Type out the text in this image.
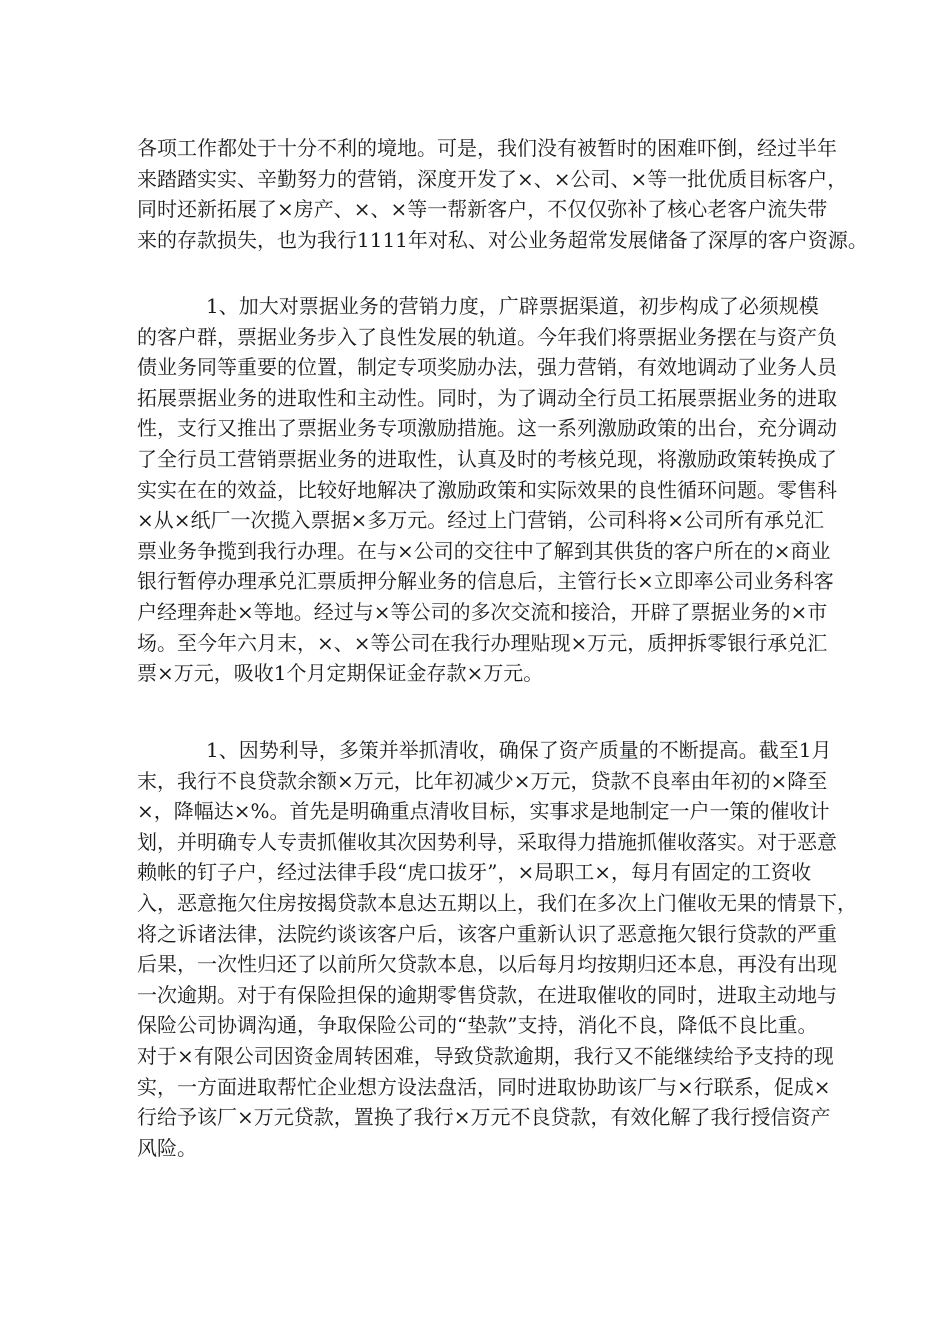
各项工作都处于十分不利的境地。可是，我们没有被暂时的困难吓倒，经过半年
来踏踏实实、辛勤努力的营销，深度开发了×、×公司、×等一批优质目标客户，
同时还新拓展了×房产、×、×等一帮新客户，不仅仅弥补了核心老客户流失带
来的存款损失，也为我行1111年对私、对公业务超常发展储备了深厚的客户资源。
1、加大对票据业务的营销力度，广辟票据渠道，初步构成了必须规模
的客户群，票据业务步入了良性发展的轨道。今年我们将票据业务摆在与资产负
债业务同等重要的位置，制定专项奖励办法，强力营销，有效地调动了业务人员
拓展票据业务的进取性和主动性。同时，为了调动全行员工拓展票据业务的进取
性，支行又推出了票据业务专项激励措施。这一系列激励政策的出台，充分调动
了全行员工营销票据业务的进取性，认真及时的考核兑现，将激励政策转换成了
实实在在的效益，比较好地解决了激励政策和实际效果的良性循环问题。零售科
×从×纸厂一次揽入票据×多万元。经过上门营销，公司科将×公司所有承兑汇
票业务争揽到我行办理。在与×公司的交往中了解到其供货的客户所在的×商业
银行暂停办理承兑汇票质押分解业务的信息后，主管行长×立即率公司业务科客
户经理奔赴×等地。经过与×等公司的多次交流和接洽，开辟了票据业务的×市
场。至今年六月末，×、×等公司在我行办理贴现×万元，质押拆零银行承兑汇
票×万元，吸收1个月定期保证金存款×万元。
1、因势利导，多策并举抓清收，确保了资产质量的不断提高。截至1月
末，我行不良贷款余额×万元，比年初减少×万元，贷款不良率由年初的×降至
×，降幅达×%。首先是明确重点清收目标，实事求是地制定一户一策的催收计
划，并明确专人专责抓催收其次因势利导，采取得力措施抓催收落实。对于恶意
赖帐的钉子户，经过法律手段“虎口拔牙”，×局职工×，每月有固定的工资收
入，恶意拖欠住房按揭贷款本息达五期以上，我们在多次上门催收无果的情景下，
将之诉诸法律，法院约谈该客户后，该客户重新认识了恶意拖欠银行贷款的严重
后果，一次性归还了以前所欠贷款本息，以后每月均按期归还本息，再没有出现
一次逾期。对于有保险担保的逾期零售贷款，在进取催收的同时，进取主动地与
保险公司协调沟通，争取保险公司的“垫款”支持，消化不良，降低不良比重。
对于×有限公司因资金周转困难，导致贷款逾期，我行又不能继续给予支持的现
实，一方面进取帮忙企业想方设法盘活，同时进取协助该厂与×行联系，促成×
行给予该厂×万元贷款，置换了我行×万元不良贷款，有效化解了我行授信资产
风险。
